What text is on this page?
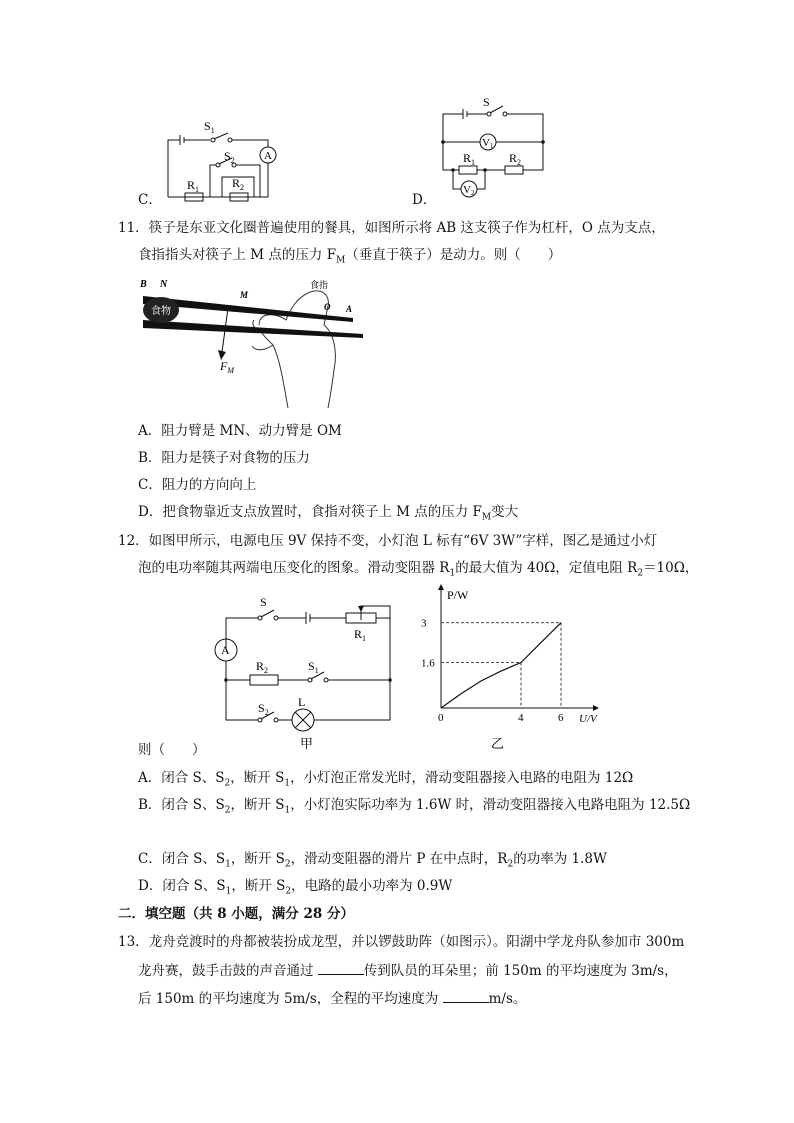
$S_1$
$S_2$	A
$R_1$	$R_2$
C．
S
V1
$R_1$	$R_2$
V2
D．
11．筷子是东亚文化圈普遍使用的餐具，如图所示将 AB 这支筷子作为杠杆，O 点为支点，
食指指头对筷子上 M 点的压力 $F_M$（垂直于筷子）是动力。则（　　）
食物
B N
M
食指
O A
$F_M$
A．阻力臂是 MN、动力臂是 OM
B．阻力是筷子对食物的压力
C．阻力的方向向上
D．把食物靠近支点放置时，食指对筷子上 M 点的压力 $F_M$变大
12．如图甲所示，电源电压 9V 保持不变，小灯泡 L 标有“6V 3W”字样，图乙是通过小灯
泡的电功率随其两端电压变化的图象。滑动变阻器 $R_1$的最大值为 40Ω，定值电阻 $R_2=10\Omega$，
S
$R_1$
A
$R_2$	$S_1$
L
$S_2$
甲
4	6
1.6
3
0
P/W
U/V
乙
则（　　）
A．闭合 S、$S_2$，断开 $S_1$，小灯泡正常发光时，滑动变阻器接入电路的电阻为 12Ω
B．闭合 S、$S_2$，断开 $S_1$，小灯泡实际功率为 1.6W 时，滑动变阻器接入电路电阻为 12.5Ω
C．闭合 S、$S_1$，断开 $S_2$，滑动变阻器的滑片 P 在中点时，$R_2$的功率为 1.8W
D．闭合 S、$S_1$，断开 $S_2$，电路的最小功率为 0.9W
二．填空题（共 8 小题，满分 28 分）
13．龙舟竞渡时的舟都被装扮成龙型，并以锣鼓助阵（如图示）。阳湖中学龙舟队参加市 300m
龙舟赛，鼓手击鼓的声音通过	传到队员的耳朵里；前 150m 的平均速度为 3m/s，
后 150m 的平均速度为 5m/s，全程的平均速度为	m/s。
